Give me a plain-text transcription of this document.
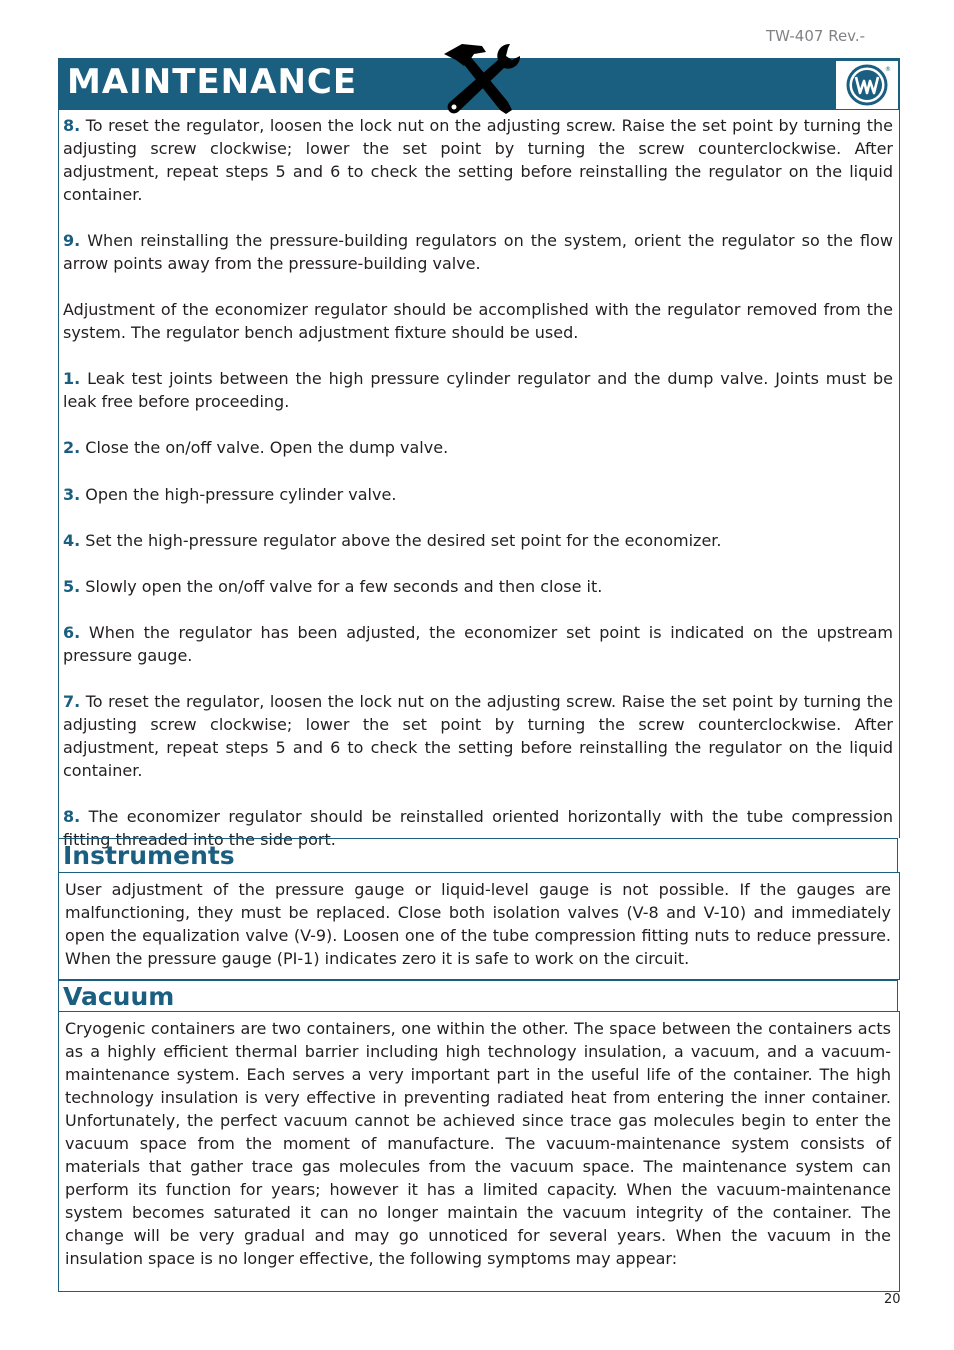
TW-407 Rev.-
MAINTENANCE	®

8. To reset the regulator, loosen the lock nut on the adjusting screw. Raise the set point by turning the adjusting screw clockwise; lower the set point by turning the screw counterclockwise. After adjustment, repeat steps 5 and 6 to check the setting before reinstalling the regulator on the liquid container.

9. When reinstalling the pressure-building regulators on the system, orient the regulator so the flow arrow points away from the pressure-building valve.

Adjustment of the economizer regulator should be accomplished with the regulator removed from the system. The regulator bench adjustment fixture should be used.

1. Leak test joints between the high pressure cylinder regulator and the dump valve. Joints must be leak free before proceeding.

2. Close the on/off valve. Open the dump valve.

3. Open the high-pressure cylinder valve.

4. Set the high-pressure regulator above the desired set point for the economizer.

5. Slowly open the on/off valve for a few seconds and then close it.

6. When the regulator has been adjusted, the economizer set point is indicated on the upstream pressure gauge.

7. To reset the regulator, loosen the lock nut on the adjusting screw. Raise the set point by turning the adjusting screw clockwise; lower the set point by turning the screw counterclockwise. After adjustment, repeat steps 5 and 6 to check the setting before reinstalling the regulator on the liquid container.

8. The economizer regulator should be reinstalled oriented horizontally with the tube compression fitting threaded into the side port.

Instruments
User adjustment of the pressure gauge or liquid-level gauge is not possible. If the gauges are malfunctioning, they must be replaced. Close both isolation valves (V-8 and V-10) and immediately open the equalization valve (V-9). Loosen one of the tube compression fitting nuts to reduce pressure. When the pressure gauge (PI-1) indicates zero it is safe to work on the circuit.
Vacuum
Cryogenic containers are two containers, one within the other. The space between the containers acts as a highly efficient thermal barrier including high technology insulation, a vacuum, and a vacuum-maintenance system. Each serves a very important part in the useful life of the container. The high technology insulation is very effective in preventing radiated heat from entering the inner container. Unfortunately, the perfect vacuum cannot be achieved since trace gas molecules begin to enter the vacuum space from the moment of manufacture. The vacuum-maintenance system consists of materials that gather trace gas molecules from the vacuum space. The maintenance system can perform its function for years; however it has a limited capacity. When the vacuum-maintenance system becomes saturated it can no longer maintain the vacuum integrity of the container. The change will be very gradual and may go unnoticed for several years. When the vacuum in the insulation space is no longer effective, the following symptoms may appear:
20
